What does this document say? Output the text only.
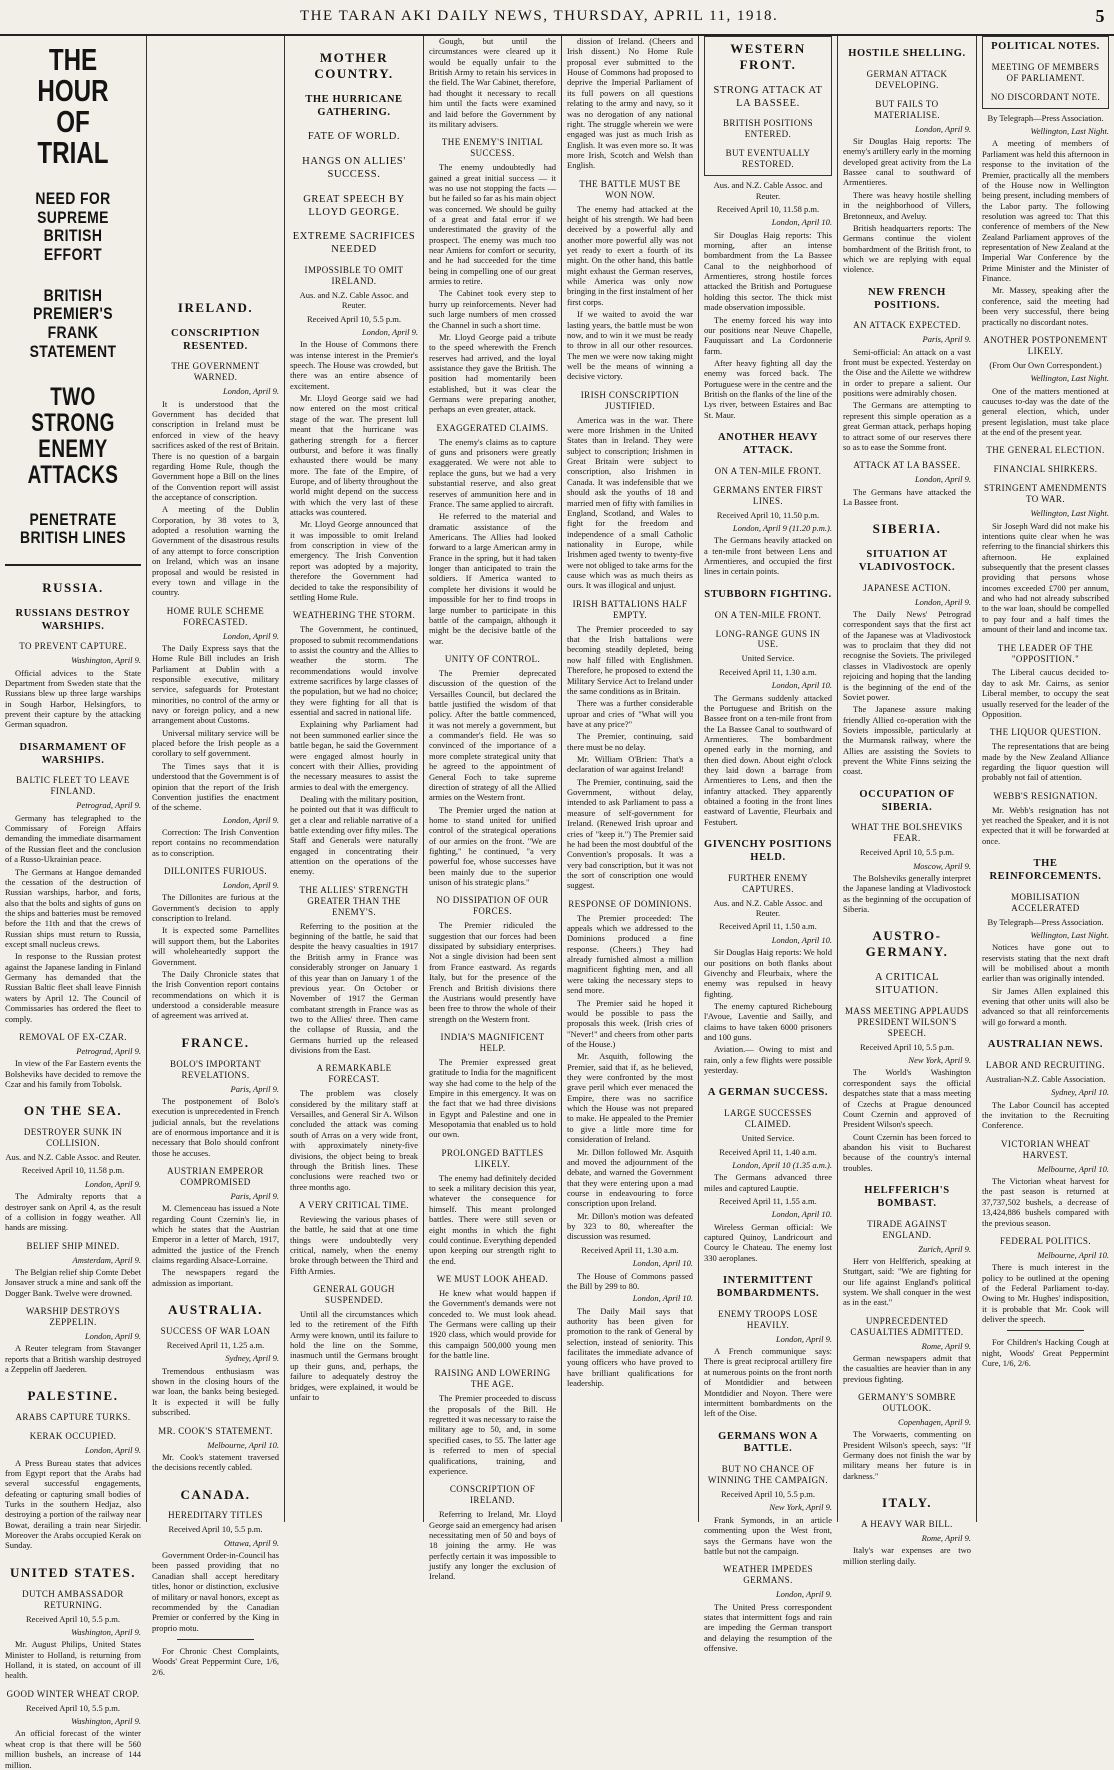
THE TARAN AKI DAILY NEWS, THURSDAY, APRIL 11, 1918.	5
THE HOUR OF TRIAL
NEED FOR SUPREME BRITISH EFFORT
BRITISH PREMIER'S FRANK STATEMENT
TWO STRONG ENEMY ATTACKS
PENETRATE BRITISH LINES
RUSSIA.
RUSSIANS DESTROY WARSHIPS.
TO PREVENT CAPTURE.
Washington, April 9.

Official advices to the State Department from Sweden state that the Russians blew up three large warships in Sough Harbor, Helsingfors, to prevent their capture by the attacking German squadron.

DISARMAMENT OF WARSHIPS.
BALTIC FLEET TO LEAVE FINLAND.
Petrograd, April 9.

Germany has telegraphed to the Commissary of Foreign Affairs demanding the immediate disarmament of the Russian fleet and the conclusion of a Russo-Ukrainian peace.

The Germans at Hangoe demanded the cessation of the destruction of Russian warships, harbor, and forts, also that the bolts and sights of guns on the ships and batteries must be removed before the 11th and that the crews of Russian ships must return to Russia, except small nucleus crews.

In response to the Russian protest against the Japanese landing in Finland Germany has demanded that the Russian Baltic fleet shall leave Finnish waters by April 12. The Council of Commissaries has ordered the fleet to comply.

REMOVAL OF EX-CZAR.
Petrograd, April 9.

In view of the Far Eastern events the Bolsheviks have decided to remove the Czar and his family from Tobolsk.

ON THE SEA.
DESTROYER SUNK IN COLLISION.
Aus. and N.Z. Cable Assoc. and Reuter.
Received April 10, 11.58 p.m.
London, April 9.

The Admiralty reports that a destroyer sank on April 4, as the result of a collision in foggy weather. All hands are missing.

BELIEF SHIP MINED.
Amsterdam, April 9.

The Belgian relief ship Comte Debet Jonsaver struck a mine and sank off the Dogger Bank. Twelve were drowned.

WARSHIP DESTROYS ZEPPELIN.
London, April 9.

A Reuter telegram from Stavanger reports that a British warship destroyed a Zeppelin off Jaederen.

PALESTINE.
ARABS CAPTURE TURKS.
KERAK OCCUPIED.
London, April 9.

A Press Bureau states that advices from Egypt report that the Arabs had several successful engagements, defeating or capturing small bodies of Turks in the southern Hedjaz, also destroying a portion of the railway near Bowat, derailing a train near Sirjedir. Moreover the Arabs occupied Kerak on Sunday.

UNITED STATES.
DUTCH AMBASSADOR RETURNING.
Received April 10, 5.5 p.m.
Washington, April 9.

Mr. August Philips, United States Minister to Holland, is returning from Holland, it is stated, on account of ill health.

GOOD WINTER WHEAT CROP.
Received April 10, 5.5 p.m.
Washington, April 9.

An official forecast of the winter wheat crop is that there will be 560 million bushels, an increase of 144 million.

IRELAND.
CONSCRIPTION RESENTED.
THE GOVERNMENT WARNED.
London, April 9.

It is understood that the Government has decided that conscription in Ireland must be enforced in view of the heavy sacrifices asked of the rest of Britain. There is no question of a bargain regarding Home Rule, though the Government hope a Bill on the lines of the Convention report will assist the acceptance of conscription.

A meeting of the Dublin Corporation, by 38 votes to 3, adopted a resolution warning the Government of the disastrous results of any attempt to force conscription on Ireland, which was an insane proposal and would be resisted in every town and village in the country.

HOME RULE SCHEME FORECASTED.
London, April 9.

The Daily Express says that the Home Rule Bill includes an Irish Parliament at Dublin with a responsible executive, military service, safeguards for Protestant minorities, no control of the army or navy or foreign policy, and a new arrangement about Customs.

Universal military service will be placed before the Irish people as a corollary to self government.

The Times says that it is understood that the Government is of opinion that the report of the Irish Convention justifies the enactment of the scheme.

London, April 9.

Correction: The Irish Convention report contains no recommendation as to conscription.

DILLONITES FURIOUS.
London, April 9.

The Dillonites are furious at the Government's decision to apply conscription to Ireland.

It is expected some Parnellites will support them, but the Laborites will wholeheartedly support the Government.

The Daily Chronicle states that the Irish Convention report contains recommendations on which it is understood a considerable measure of agreement was arrived at.

FRANCE.
BOLO'S IMPORTANT REVELATIONS.
Paris, April 9.

The postponement of Bolo's execution is unprecedented in French judicial annals, but the revelations are of enormous importance and it is necessary that Bolo should confront those he accuses.

AUSTRIAN EMPEROR COMPROMISED
Paris, April 9.

M. Clemenceau has issued a Note regarding Count Czernin's lie, in which he states that the Austrian Emperor in a letter of March, 1917, admitted the justice of the French claims regarding Alsace-Lorraine.

The newspapers regard the admission as important.

AUSTRALIA.
SUCCESS OF WAR LOAN
Received April 11, 1.25 a.m.
Sydney, April 9.

Tremendous enthusiasm was shown in the closing hours of the war loan, the banks being besieged. It is expected it will be fully subscribed.

MR. COOK'S STATEMENT.
Melbourne, April 10.

Mr. Cook's statement traversed the decisions recently cabled.

CANADA.
HEREDITARY TITLES
Received April 10, 5.5 p.m.
Ottawa, April 9.

Government Order-in-Council has been passed providing that no Canadian shall accept hereditary titles, honor or distinction, exclusive of military or naval honors, except as recommended by the Canadian Premier or conferred by the King in proprio motu.

For Chronic Chest Complaints, Woods' Great Peppermint Cure, 1/6, 2/6.

MOTHER COUNTRY.
THE HURRICANE GATHERING.
FATE OF WORLD.
HANGS ON ALLIES' SUCCESS.
GREAT SPEECH BY LLOYD GEORGE.
EXTREME SACRIFICES NEEDED
IMPOSSIBLE TO OMIT IRELAND.
Aus. and N.Z. Cable Assoc. and Reuter.
Received April 10, 5.5 p.m.
London, April 9.

In the House of Commons there was intense interest in the Premier's speech. The House was crowded, but there was an entire absence of excitement.

Mr. Lloyd George said we had now entered on the most critical stage of the war. The present lull meant that the hurricane was gathering strength for a fiercer outburst, and before it was finally exhausted there would be many more. The fate of the Empire, of Europe, and of liberty throughout the world might depend on the success with which the very last of these attacks was countered.

Mr. Lloyd George announced that it was impossible to omit Ireland from conscription in view of the emergency. The Irish Convention report was adopted by a majority, therefore the Government had decided to take the responsibility of settling Home Rule.

WEATHERING THE STORM.

The Government, he continued, proposed to submit recommendations to assist the country and the Allies to weather the storm. The recommendations would involve extreme sacrifices by large classes of the population, but we had no choice; they were fighting for all that is essential and sacred in national life.

Explaining why Parliament had not been summoned earlier since the battle began, he said the Government were engaged almost hourly in concert with their Allies, providing the necessary measures to assist the armies to deal with the emergency.

Dealing with the military position, he pointed out that it was difficult to get a clear and reliable narrative of a battle extending over fifty miles. The Staff and Generals were naturally engaged in concentrating their attention on the operations of the enemy.

THE ALLIES' STRENGTH GREATER THAN THE ENEMY'S.

Referring to the position at the beginning of the battle, he said that despite the heavy casualties in 1917 the British army in France was considerably stronger on January 1 of this year than on January 1 of the previous year. On October or November of 1917 the German combatant strength in France was as two to the Allies' three. Then came the collapse of Russia, and the Germans hurried up the released divisions from the East.

A REMARKABLE FORECAST.

The problem was closely considered by the military staff at Versailles, and General Sir A. Wilson concluded the attack was coming south of Arras on a very wide front, with approximately ninety-five divisions, the object being to break through the British lines. These conclusions were reached two or three months ago.

A VERY CRITICAL TIME.

Reviewing the various phases of the battle, he said that at one time things were undoubtedly very critical, namely, when the enemy broke through between the Third and Fifth Armies.

GENERAL GOUGH SUSPENDED.

Until all the circumstances which led to the retirement of the Fifth Army were known, until its failure to hold the line on the Somme, inasmuch until the Germans brought up their guns, and, perhaps, the failure to adequately destroy the bridges, were explained, it would be unfair to

Gough, but until the circumstances were cleared up it would be equally unfair to the British Army to retain his services in the field. The War Cabinet, therefore, had thought it necessary to recall him until the facts were examined and laid before the Government by its military advisers.

THE ENEMY'S INITIAL SUCCESS.

The enemy undoubtedly had gained a great initial success — it was no use not stopping the facts — but he failed so far as his main object was concerned. We should be guilty of a great and fatal error if we underestimated the gravity of the prospect. The enemy was much too near Amiens for comfort or security, and he had succeeded for the time being in compelling one of our great armies to retire.

The Cabinet took every step to hurry up reinforcements. Never had such large numbers of men crossed the Channel in such a short time.

Mr. Lloyd George paid a tribute to the speed wherewith the French reserves had arrived, and the loyal assistance they gave the British. The position had momentarily been established, but it was clear the Germans were preparing another, perhaps an even greater, attack.

EXAGGERATED CLAIMS.

The enemy's claims as to capture of guns and prisoners were greatly exaggerated. We were not able to replace the guns, but we had a very substantial reserve, and also great reserves of ammunition here and in France. The same applied to aircraft.

He referred to the material and dramatic assistance of the Americans. The Allies had looked forward to a large American army in France in the spring, but it had taken longer than anticipated to train the soldiers. If America wanted to complete her divisions it would be impossible for her to find troops in large number to participate in this battle of the campaign, although it might be the decisive battle of the war.

UNITY OF CONTROL.

The Premier deprecated discussion of the question of the Versailles Council, but declared the battle justified the wisdom of that policy. After the battle commenced, it was not merely a government, but a commander's field. He was so convinced of the importance of a more complete strategical unity that he agreed to the appointment of General Foch to take supreme direction of strategy of all the Allied armies on the Western front.

The Premier urged the nation at home to stand united for unified control of the strategical operations of our armies on the front. "We are fighting," he continued, "a very powerful foe, whose successes have been mainly due to the superior unison of his strategic plans."

NO DISSIPATION OF OUR FORCES.

The Premier ridiculed the suggestion that our forces had been dissipated by subsidiary enterprises. Not a single division had been sent from France eastward. As regards Italy, but for the presence of the French and British divisions there the Austrians would presently have been free to throw the whole of their strength on the Western front.

INDIA'S MAGNIFICENT HELP.

The Premier expressed great gratitude to India for the magnificent way she had come to the help of the Empire in this emergency. It was on the fact that we had three divisions in Egypt and Palestine and one in Mesopotamia that enabled us to hold our own.

PROLONGED BATTLES LIKELY.

The enemy had definitely decided to seek a military decision this year, whatever the consequence for himself. This meant prolonged battles. There were still seven or eight months in which the fight could continue. Everything depended upon keeping our strength right to the end.

WE MUST LOOK AHEAD.

He knew what would happen if the Government's demands were not conceded to. We must look ahead. The Germans were calling up their 1920 class, which would provide for this campaign 500,000 young men for the battle line.

RAISING AND LOWERING THE AGE.

The Premier proceeded to discuss the proposals of the Bill. He regretted it was necessary to raise the military age to 50, and, in some specified cases, to 55. The latter age is referred to men of special qualifications, training, and experience.

CONSCRIPTION OF IRELAND.

Referring to Ireland, Mr. Lloyd George said an emergency had arisen necessitating men of 50 and boys of 18 joining the army. He was perfectly certain it was impossible to justify any longer the exclusion of Ireland.

dission of Ireland. (Cheers and Irish dissent.) No Home Rule proposal ever submitted to the House of Commons had proposed to deprive the Imperial Parliament of its full powers on all questions relating to the army and navy, so it was no derogation of any national right. The struggle wherein we were engaged was just as much Irish as English. It was even more so. It was more Irish, Scotch and Welsh than English.

THE BATTLE MUST BE WON NOW.

The enemy had attacked at the height of his strength. We had been deceived by a powerful ally and another more powerful ally was not yet ready to exert a fourth of its might. On the other hand, this battle might exhaust the German reserves, while America was only now bringing in the first instalment of her first corps.

If we waited to avoid the war lasting years, the battle must be won now, and to win it we must be ready to throw in all our other resources. The men we were now taking might well be the means of winning a decisive victory.

IRISH CONSCRIPTION JUSTIFIED.

America was in the war. There were more Irishmen in the United States than in Ireland. They were subject to conscription; Irishmen in Great Britain were subject to conscription, also Irishmen in Canada. It was indefensible that we should ask the youths of 18 and married men of fifty with families in England, Scotland, and Wales to fight for the freedom and independence of a small Catholic nationality in Europe, while Irishmen aged twenty to twenty-five were not obliged to take arms for the cause which was as much theirs as ours. It was illogical and unjust.

IRISH BATTALIONS HALF EMPTY.

The Premier proceeded to say that the Irish battalions were becoming steadily depleted, being now half filled with Englishmen. Therefore, he proposed to extend the Military Service Act to Ireland under the same conditions as in Britain.

There was a further considerable uproar and cries of "What will you have at any price?"

The Premier, continuing, said there must be no delay.

Mr. William O'Brien: That's a declaration of war against Ireland!

The Premier, continuing, said the Government, without delay, intended to ask Parliament to pass a measure of self-government for Ireland. (Renewed Irish uproar and cries of "keep it.") The Premier said he had been the most doubtful of the Convention's proposals. It was a very bad conscription, but it was not the sort of conscription one would suggest.

RESPONSE OF DOMINIONS.

The Premier proceeded: The appeals which we addressed to the Dominions produced a fine response. (Cheers.) They had already furnished almost a million magnificent fighting men, and all were taking the necessary steps to send more.

The Premier said he hoped it would be possible to pass the proposals this week. (Irish cries of "Never!" and cheers from other parts of the House.)

Mr. Asquith, following the Premier, said that if, as he believed, they were confronted by the most grave peril which ever menaced the Empire, there was no sacrifice which the House was not prepared to make. He appealed to the Premier to give a little more time for consideration of Ireland.

Mr. Dillon followed Mr. Asquith and moved the adjournment of the debate, and warned the Government that they were entering upon a mad course in endeavouring to force conscription upon Ireland.

Mr. Dillon's motion was defeated by 323 to 80, whereafter the discussion was resumed.

Received April 11, 1.30 a.m.
London, April 10.

The House of Commons passed the Bill by 299 to 80.

London, April 10.

The Daily Mail says that authority has been given for promotion to the rank of General by selection, instead of seniority. This facilitates the immediate advance of young officers who have proved to have brilliant qualifications for leadership.

WESTERN FRONT.
STRONG ATTACK AT LA BASSEE.
BRITISH POSITIONS ENTERED.
BUT EVENTUALLY RESTORED.
Aus. and N.Z. Cable Assoc. and Reuter.
Received April 10, 11.58 p.m.
London, April 10.

Sir Douglas Haig reports: This morning, after an intense bombardment from the La Bassee Canal to the neighborhood of Armentieres, strong hostile forces attacked the British and Portuguese holding this sector. The thick mist made observation impossible.

The enemy forced his way into our positions near Neuve Chapelle, Fauquissart and La Cordonnerie farm.

After heavy fighting all day the enemy was forced back. The Portuguese were in the centre and the British on the flanks of the line of the Lys river, between Estaires and Bac St. Maur.

ANOTHER HEAVY ATTACK.
ON A TEN-MILE FRONT.
GERMANS ENTER FIRST LINES.
Received April 10, 11.50 p.m.
London, April 9 (11.20 p.m.).

The Germans heavily attacked on a ten-mile front between Lens and Armentieres, and occupied the first lines in certain points.

STUBBORN FIGHTING.
ON A TEN-MILE FRONT.
LONG-RANGE GUNS IN USE.
United Service.
Received April 11, 1.30 a.m.
London, April 10.

The Germans suddenly attacked the Portuguese and British on the Bassee front on a ten-mile front from the La Bassee Canal to southward of Armentieres. The bombardment opened early in the morning, and then died down. About eight o'clock they laid down a barrage from Armentieres to Lens, and then the infantry attacked. They apparently obtained a footing in the front lines eastward of Laventie, Fleurbaix and Festubert.

GIVENCHY POSITIONS HELD.
FURTHER ENEMY CAPTURES.
Aus. and N.Z. Cable Assoc. and Reuter.
Received April 11, 1.50 a.m.
London, April 10.

Sir Douglas Haig reports: We hold our positions on both flanks about Givenchy and Fleurbaix, where the enemy was repulsed in heavy fighting.

The enemy captured Richebourg l'Avoue, Laventie and Sailly, and claims to have taken 6000 prisoners and 100 guns.

Aviation.— Owing to mist and rain, only a few flights were possible yesterday.

A GERMAN SUCCESS.
LARGE SUCCESSES CLAIMED.
United Service.
Received April 11, 1.40 a.m.
London, April 10 (1.35 a.m.).

The Germans advanced three miles and captured Lauptie.

Received April 11, 1.55 a.m.
London, April 10.

Wireless German official: We captured Quinoy, Landricourt and Courcy le Chateau. The enemy lost 330 aeroplanes.

INTERMITTENT BOMBARDMENTS.
ENEMY TROOPS LOSE HEAVILY.
London, April 9.

A French communique says: There is great reciprocal artillery fire at numerous points on the front north of Montdidier and between Montdidier and Noyon. There were intermittent bombardments on the left of the Oise.

GERMANS WON A BATTLE.
BUT NO CHANCE OF WINNING THE CAMPAIGN.
Received April 10, 5.5 p.m.
New York, April 9.

Frank Symonds, in an article commenting upon the West front, says the Germans have won the battle but not the campaign.

WEATHER IMPEDES GERMANS.
London, April 9.

The United Press correspondent states that intermittent fogs and rain are impeding the German transport and delaying the resumption of the offensive.

HOSTILE SHELLING.
GERMAN ATTACK DEVELOPING.
BUT FAILS TO MATERIALISE.
London, April 9.

Sir Douglas Haig reports: The enemy's artillery early in the morning developed great activity from the La Bassee canal to southward of Armentieres.

There was heavy hostile shelling in the neighborhood of Villers, Bretonneux, and Aveluy.

British headquarters reports: The Germans continue the violent bombardment of the British front, to which we are replying with equal violence.

NEW FRENCH POSITIONS.
AN ATTACK EXPECTED.
Paris, April 9.

Semi-official: An attack on a vast front must be expected. Yesterday on the Oise and the Ailette we withdrew in order to prepare a salient. Our positions were admirably chosen.

The Germans are attempting to represent this simple operation as a great German attack, perhaps hoping to attract some of our reserves there so as to ease the Somme front.

ATTACK AT LA BASSEE.
London, April 9.

The Germans have attacked the La Bassee front.

SIBERIA.
SITUATION AT VLADIVOSTOCK.
JAPANESE ACTION.
London, April 9.

The Daily News' Petrograd correspondent says that the first act of the Japanese was at Vladivostock was to proclaim that they did not recognise the Soviets. The privileged classes in Vladivostock are openly rejoicing and hoping that the landing is the beginning of the end of the Soviet power.

The Japanese assure making friendly Allied co-operation with the Soviets impossible, particularly at the Murmansk railway, where the Allies are assisting the Soviets to prevent the White Finns seizing the coast.

OCCUPATION OF SIBERIA.
WHAT THE BOLSHEVIKS FEAR.
Received April 10, 5.5 p.m.
Moscow, April 9.

The Bolsheviks generally interpret the Japanese landing at Vladivostock as the beginning of the occupation of Siberia.

AUSTRO-GERMANY.
A CRITICAL SITUATION.
MASS MEETING APPLAUDS PRESIDENT WILSON'S SPEECH.
Received April 10, 5.5 p.m.
New York, April 9.

The World's Washington correspondent says the official despatches state that a mass meeting of Czechs at Prague denounced Count Czernin and approved of President Wilson's speech.

Count Czernin has been forced to abandon his visit to Bucharest because of the country's internal troubles.

HELFFERICH'S BOMBAST.
TIRADE AGAINST ENGLAND.
Zurich, April 9.

Herr von Helfferich, speaking at Stuttgart, said: "We are fighting for our life against England's political system. We shall conquer in the west as in the east."

UNPRECEDENTED CASUALTIES ADMITTED.
Rome, April 9.

German newspapers admit that the casualties are heavier than in any previous fighting.

GERMANY'S SOMBRE OUTLOOK.
Copenhagen, April 9.

The Vorwaerts, commenting on President Wilson's speech, says: "If Germany does not finish the war by military means her future is in darkness."

ITALY.
A HEAVY WAR BILL.
Rome, April 9.

Italy's war expenses are two million sterling daily.

POLITICAL NOTES.
MEETING OF MEMBERS OF PARLIAMENT.
NO DISCORDANT NOTE.
By Telegraph—Press Association.
Wellington, Last Night.

A meeting of members of Parliament was held this afternoon in response to the invitation of the Premier, practically all the members of the House now in Wellington being present, including members of the Labor party. The following resolution was agreed to: That this conference of members of the New Zealand Parliament approves of the representation of New Zealand at the Imperial War Conference by the Prime Minister and the Minister of Finance.

Mr. Massey, speaking after the conference, said the meeting had been very successful, there being practically no discordant notes.

ANOTHER POSTPONEMENT LIKELY.
(From Our Own Correspondent.)
Wellington, Last Night.

One of the matters mentioned at caucuses to-day was the date of the general election, which, under present legislation, must take place at the end of the present year.

THE GENERAL ELECTION.
FINANCIAL SHIRKERS.
STRINGENT AMENDMENTS TO WAR.
Wellington, Last Night.

Sir Joseph Ward did not make his intentions quite clear when he was referring to the financial shirkers this afternoon. He explained subsequently that the present classes providing that persons whose incomes exceeded £700 per annum, and who had not already subscribed to the war loan, should be compelled to pay four and a half times the amount of their land and income tax.

THE LEADER OF THE "OPPOSITION."

The Liberal caucus decided to-day to ask Mr. Cairns, as senior Liberal member, to occupy the seat usually reserved for the leader of the Opposition.

THE LIQUOR QUESTION.

The representations that are being made by the New Zealand Alliance regarding the liquor question will probably not fail of attention.

WEBB'S RESIGNATION.

Mr. Webb's resignation has not yet reached the Speaker, and it is not expected that it will be forwarded at once.

THE REINFORCEMENTS.
MOBILISATION ACCELERATED
By Telegraph—Press Association.
Wellington, Last Night.

Notices have gone out to reservists stating that the next draft will be mobilised about a month earlier than was originally intended.

Sir James Allen explained this evening that other units will also be advanced so that all reinforcements will go forward a month.

AUSTRALIAN NEWS.
LABOR AND RECRUITING.
Australian-N.Z. Cable Association.
Sydney, April 10.

The Labor Council has accepted the invitation to the Recruiting Conference.

VICTORIAN WHEAT HARVEST.
Melbourne, April 10.

The Victorian wheat harvest for the past season is returned at 37,737,502 bushels, a decrease of 13,424,886 bushels compared with the previous season.

FEDERAL POLITICS.
Melbourne, April 10.

There is much interest in the policy to be outlined at the opening of the Federal Parliament to-day. Owing to Mr. Hughes' indisposition, it is probable that Mr. Cook will deliver the speech.

For Children's Hacking Cough at night, Woods' Great Peppermint Cure, 1/6, 2/6.
